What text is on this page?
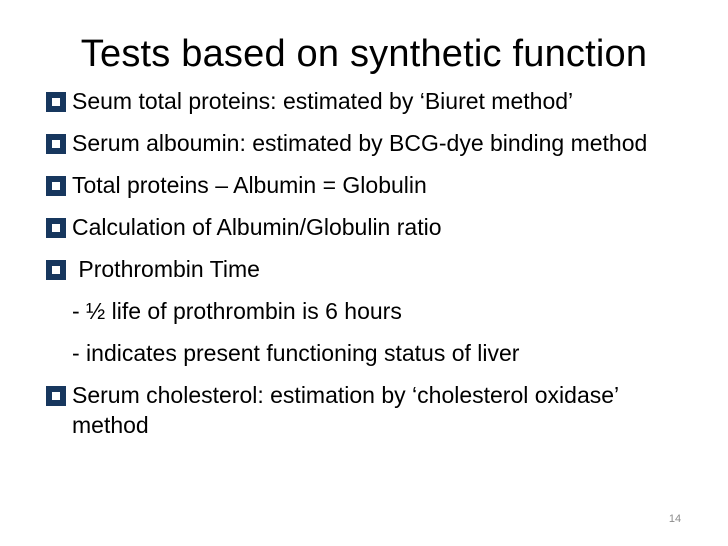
Tests based on synthetic function
Seum total proteins: estimated by ‘Biuret method’
Serum alboumin: estimated by BCG-dye binding method
Total proteins – Albumin = Globulin
Calculation of Albumin/Globulin ratio
Prothrombin Time
- ½ life of prothrombin is 6 hours
- indicates present functioning status of liver
Serum cholesterol: estimation by ‘cholesterol oxidase’ method
14
